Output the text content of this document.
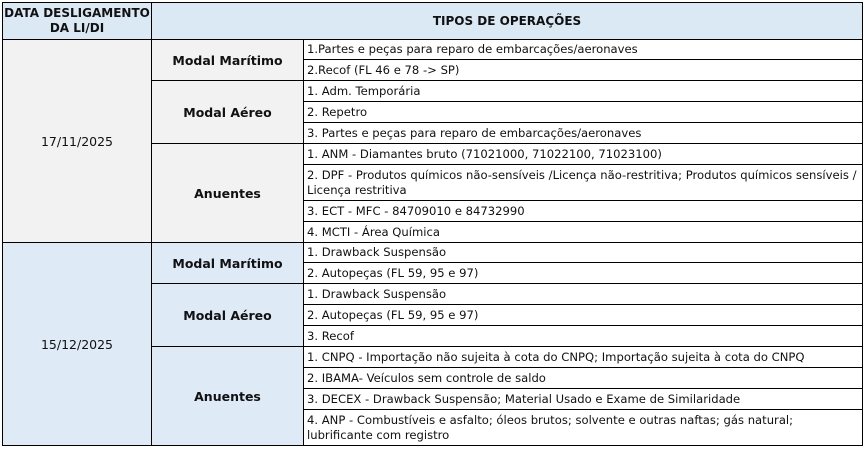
DATA DESLIGAMENTO DA LI/DI
TIPOS DE OPERAÇÕES
1.Partes e peças para reparo de embarcações/aeronaves
2.Recof (FL 46 e 78 -> SP)
Modal Marítimo
1. Adm. Temporária
2. Repetro
3. Partes e peças para reparo de embarcações/aeronaves
Modal Aéreo
1. ANM - Diamantes bruto (71021000, 71022100, 71023100)
2. DPF - Produtos químicos não-sensíveis /Licença não-restritiva; Produtos químicos sensíveis / Licença restritiva
3. ECT - MFC - 84709010 e 84732990
4. MCTI - Área Química
Anuentes
17/11/2025
1. Drawback Suspensão
2. Autopeças (FL 59, 95 e 97)
Modal Marítimo
1. Drawback Suspensão
2. Autopeças (FL 59, 95 e 97)
3. Recof
Modal Aéreo
1. CNPQ - Importação não sujeita à cota do CNPQ; Importação sujeita à cota do CNPQ
2. IBAMA- Veículos sem controle de saldo
3. DECEX - Drawback Suspensão; Material Usado e Exame de Similaridade
4. ANP - Combustíveis e asfalto; óleos brutos; solvente e outras naftas; gás natural; lubrificante com registro
Anuentes
15/12/2025
